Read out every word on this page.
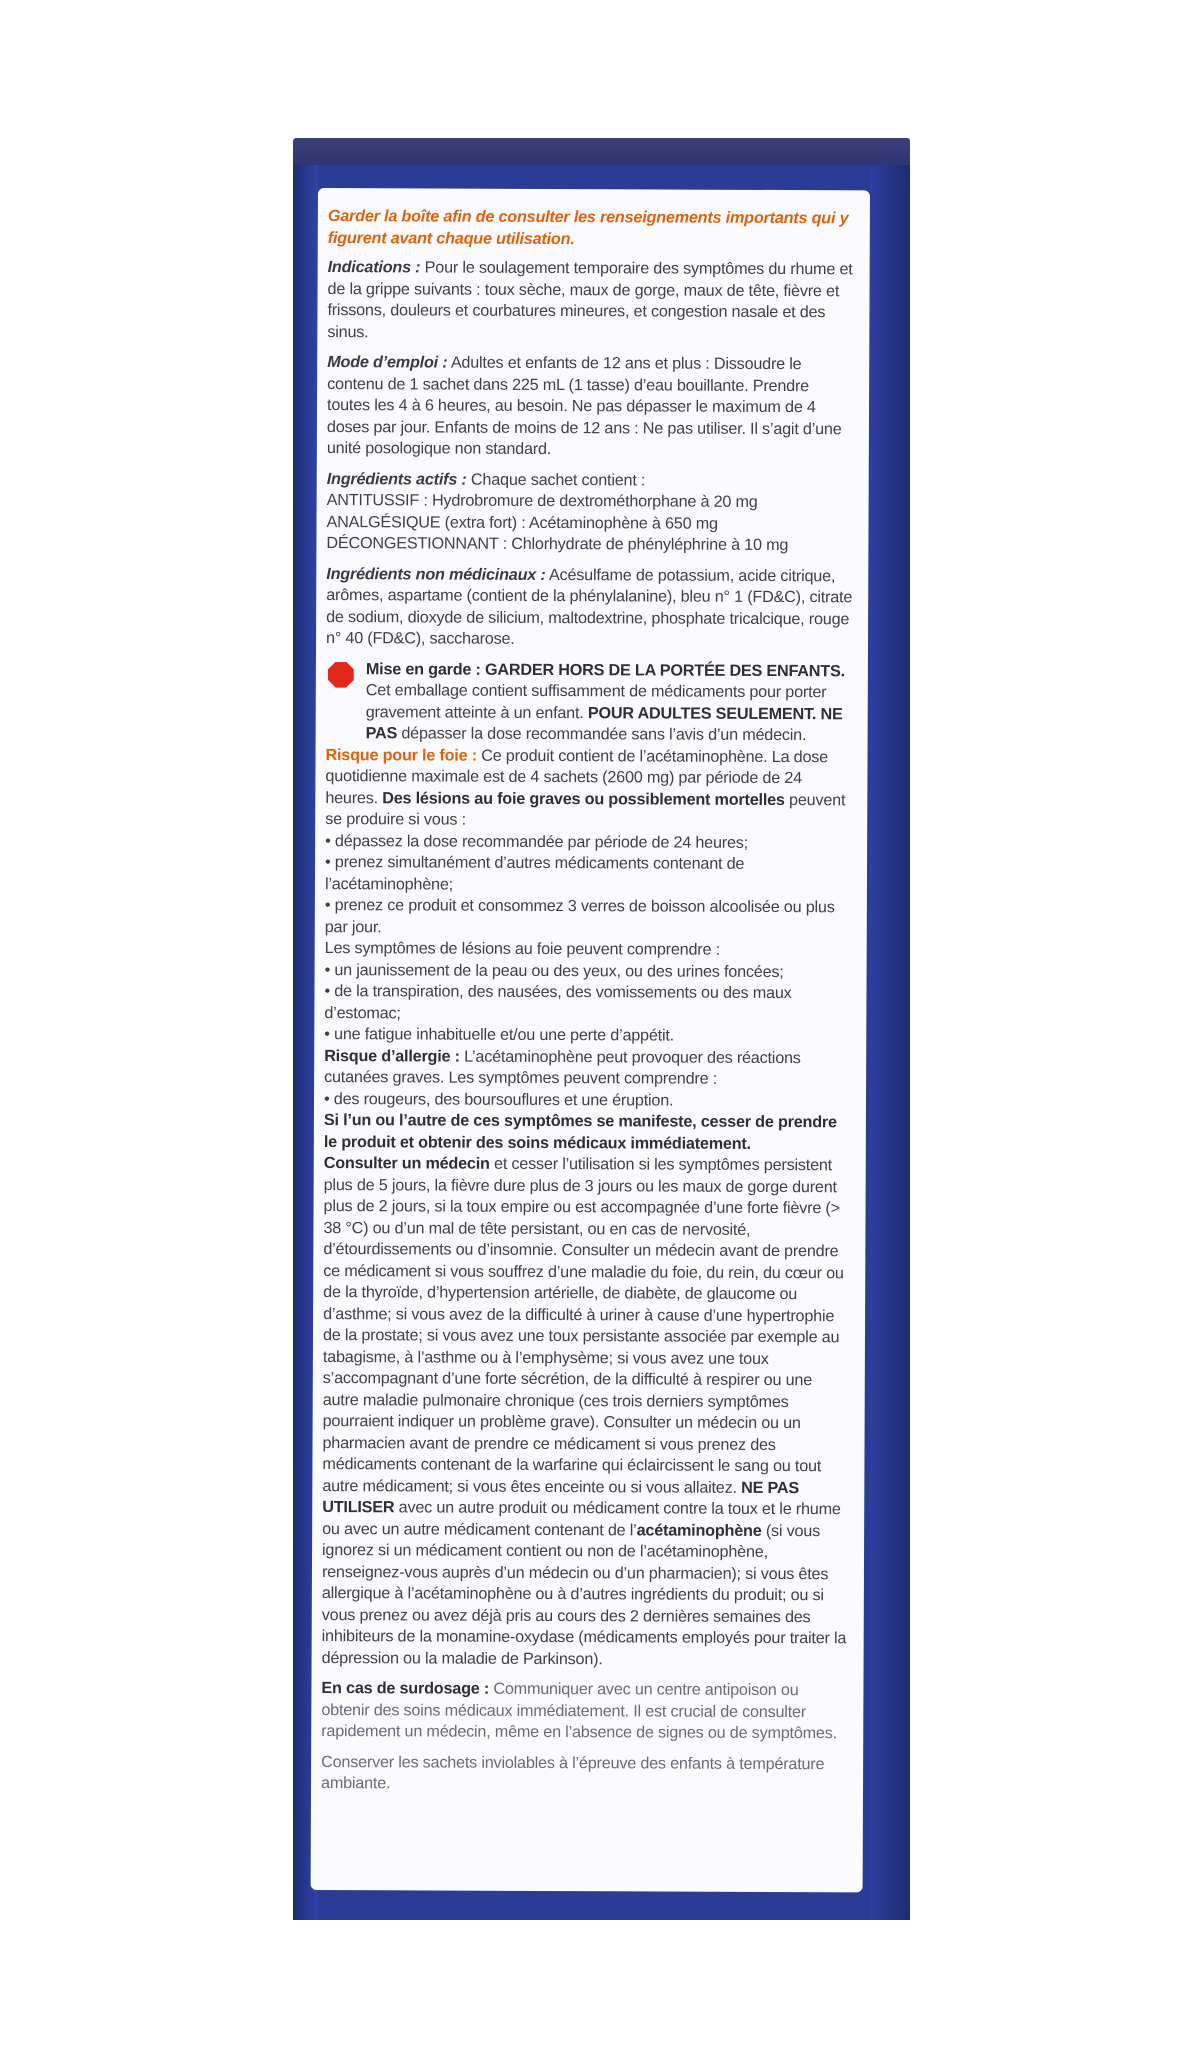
Garder la boîte afin de consulter les renseignements importants qui y figurent avant chaque utilisation.

Indications : Pour le soulagement temporaire des symptômes du rhume et de la grippe suivants : toux sèche, maux de gorge, maux de tête, fièvre et frissons, douleurs et courbatures mineures, et congestion nasale et des sinus.

Mode d’emploi : Adultes et enfants de 12 ans et plus : Dissoudre le contenu de 1 sachet dans 225 mL (1 tasse) d’eau bouillante. Prendre toutes les 4 à 6 heures, au besoin. Ne pas dépasser le maximum de 4 doses par jour. Enfants de moins de 12 ans : Ne pas utiliser. Il s’agit d’une unité posologique non standard.

Ingrédients actifs : Chaque sachet contient :
ANTITUSSIF : Hydrobromure de dextrométhorphane à 20 mg
ANALGÉSIQUE (extra fort) : Acétaminophène à 650 mg
DÉCONGESTIONNANT : Chlorhydrate de phényléphrine à 10 mg

Ingrédients non médicinaux : Acésulfame de potassium, acide citrique, arômes, aspartame (contient de la phénylalanine), bleu n° 1 (FD&C), citrate de sodium, dioxyde de silicium, maltodextrine, phosphate tricalcique, rouge n° 40 (FD&C), saccharose.

Mise en garde : GARDER HORS DE LA PORTÉE DES ENFANTS. Cet emballage contient suffisamment de médicaments pour porter gravement atteinte à un enfant. POUR ADULTES SEULEMENT. NE PAS dépasser la dose recommandée sans l’avis d’un médecin.
Risque pour le foie : Ce produit contient de l’acétaminophène. La dose quotidienne maximale est de 4 sachets (2600 mg) par période de 24 heures. Des lésions au foie graves ou possiblement mortelles peuvent se produire si vous :
• dépassez la dose recommandée par période de 24 heures;
• prenez simultanément d’autres médicaments contenant de l’acétaminophène;
• prenez ce produit et consommez 3 verres de boisson alcoolisée ou plus par jour.
Les symptômes de lésions au foie peuvent comprendre :
• un jaunissement de la peau ou des yeux, ou des urines foncées;
• de la transpiration, des nausées, des vomissements ou des maux d’estomac;
• une fatigue inhabituelle et/ou une perte d’appétit.
Risque d’allergie : L’acétaminophène peut provoquer des réactions cutanées graves. Les symptômes peuvent comprendre :
• des rougeurs, des boursouflures et une éruption.
Si l’un ou l’autre de ces symptômes se manifeste, cesser de prendre le produit et obtenir des soins médicaux immédiatement.

Consulter un médecin et cesser l’utilisation si les symptômes persistent plus de 5 jours, la fièvre dure plus de 3 jours ou les maux de gorge durent plus de 2 jours, si la toux empire ou est accompagnée d’une forte fièvre (> 38 °C) ou d’un mal de tête persistant, ou en cas de nervosité, d’étourdissements ou d’insomnie. Consulter un médecin avant de prendre ce médicament si vous souffrez d’une maladie du foie, du rein, du cœur ou de la thyroïde, d’hypertension artérielle, de diabète, de glaucome ou d’asthme; si vous avez de la difficulté à uriner à cause d’une hypertrophie de la prostate; si vous avez une toux persistante associée par exemple au tabagisme, à l’asthme ou à l’emphysème; si vous avez une toux s’accompagnant d’une forte sécrétion, de la difficulté à respirer ou une autre maladie pulmonaire chronique (ces trois derniers symptômes pourraient indiquer un problème grave). Consulter un médecin ou un pharmacien avant de prendre ce médicament si vous prenez des médicaments contenant de la warfarine qui éclaircissent le sang ou tout autre médicament; si vous êtes enceinte ou si vous allaitez. NE PAS UTILISER avec un autre produit ou médicament contre la toux et le rhume ou avec un autre médicament contenant de l’acétaminophène (si vous ignorez si un médicament contient ou non de l’acétaminophène, renseignez-vous auprès d’un médecin ou d’un pharmacien); si vous êtes allergique à l’acétaminophène ou à d’autres ingrédients du produit; ou si vous prenez ou avez déjà pris au cours des 2 dernières semaines des inhibiteurs de la monamine-oxydase (médicaments employés pour traiter la dépression ou la maladie de Parkinson).

En cas de surdosage : Communiquer avec un centre antipoison ou obtenir des soins médicaux immédiatement. Il est crucial de consulter rapidement un médecin, même en l’absence de signes ou de symptômes.

Conserver les sachets inviolables à l’épreuve des enfants à température ambiante.
